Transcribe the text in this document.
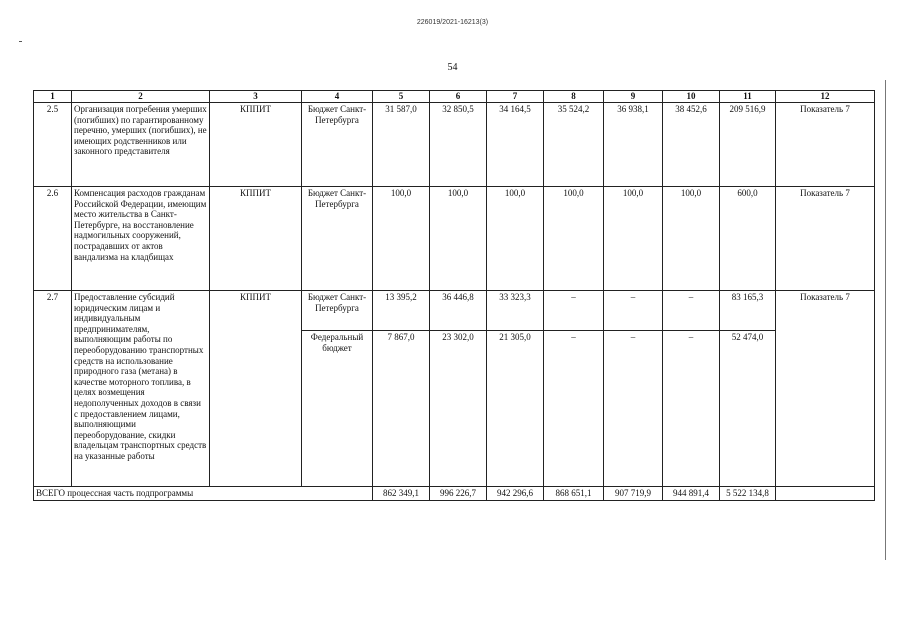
226019/2021-16213(3)
54
1	2	3	4	5	6	7	8	9	10	11	12
2.5	Организация погребения умерших (погибших) по гарантированному перечню, умерших (погибших), не имеющих родственников или законного представителя	КППИТ	Бюджет Санкт-Петербурга	31 587,0	32 850,5	34 164,5	35 524,2	36 938,1	38 452,6	209 516,9	Показатель 7
2.6	Компенсация расходов гражданам Российской Федерации, имеющим место жительства в Санкт-Петербурге, на восстановление надмогильных сооружений, пострадавших от актов вандализма на кладбищах	КППИТ	Бюджет Санкт-Петербурга	100,0	100,0	100,0	100,0	100,0	100,0	600,0	Показатель 7
2.7	Предоставление субсидий юридическим лицам и индивидуальным предпринимателям, выполняющим работы по переоборудованию транспортных средств на использование природного газа (метана) в качестве моторного топлива, в целях возмещения недополученных доходов в связи с предоставлением лицами, выполняющими переоборудование, скидки владельцам транспортных средств на указанные работы	КППИТ	Бюджет Санкт-Петербурга	13 395,2	36 446,8	33 323,3	–	–	–	83 165,3	Показатель 7
			Федеральный бюджет	7 867,0	23 302,0	21 305,0	–	–	–	52 474,0	
ВСЕГО процессная часть подпрограммы				862 349,1	996 226,7	942 296,6	868 651,1	907 719,9	944 891,4	5 522 134,8	
